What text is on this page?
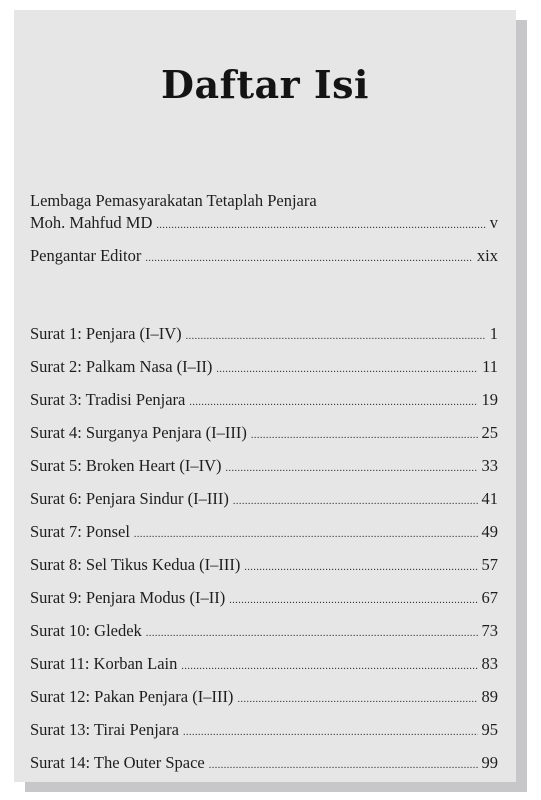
Daftar Isi
Lembaga Pemasyarakatan Tetaplah Penjara
Moh. Mahfud MD .....	v
Pengantar Editor .....	xix
Surat 1: Penjara (I–IV) .....	1
Surat 2: Palkam Nasa (I–II) .....	11
Surat 3: Tradisi Penjara .....	19
Surat 4: Surganya Penjara (I–III) .....	25
Surat 5: Broken Heart (I–IV) .....	33
Surat 6: Penjara Sindur (I–III) .....	41
Surat 7: Ponsel .....	49
Surat 8: Sel Tikus Kedua (I–III) .....	57
Surat 9: Penjara Modus (I–II) .....	67
Surat 10: Gledek .....	73
Surat 11: Korban Lain .....	83
Surat 12: Pakan Penjara (I–III) .....	89
Surat 13: Tirai Penjara .....	95
Surat 14: The Outer Space .....	99
